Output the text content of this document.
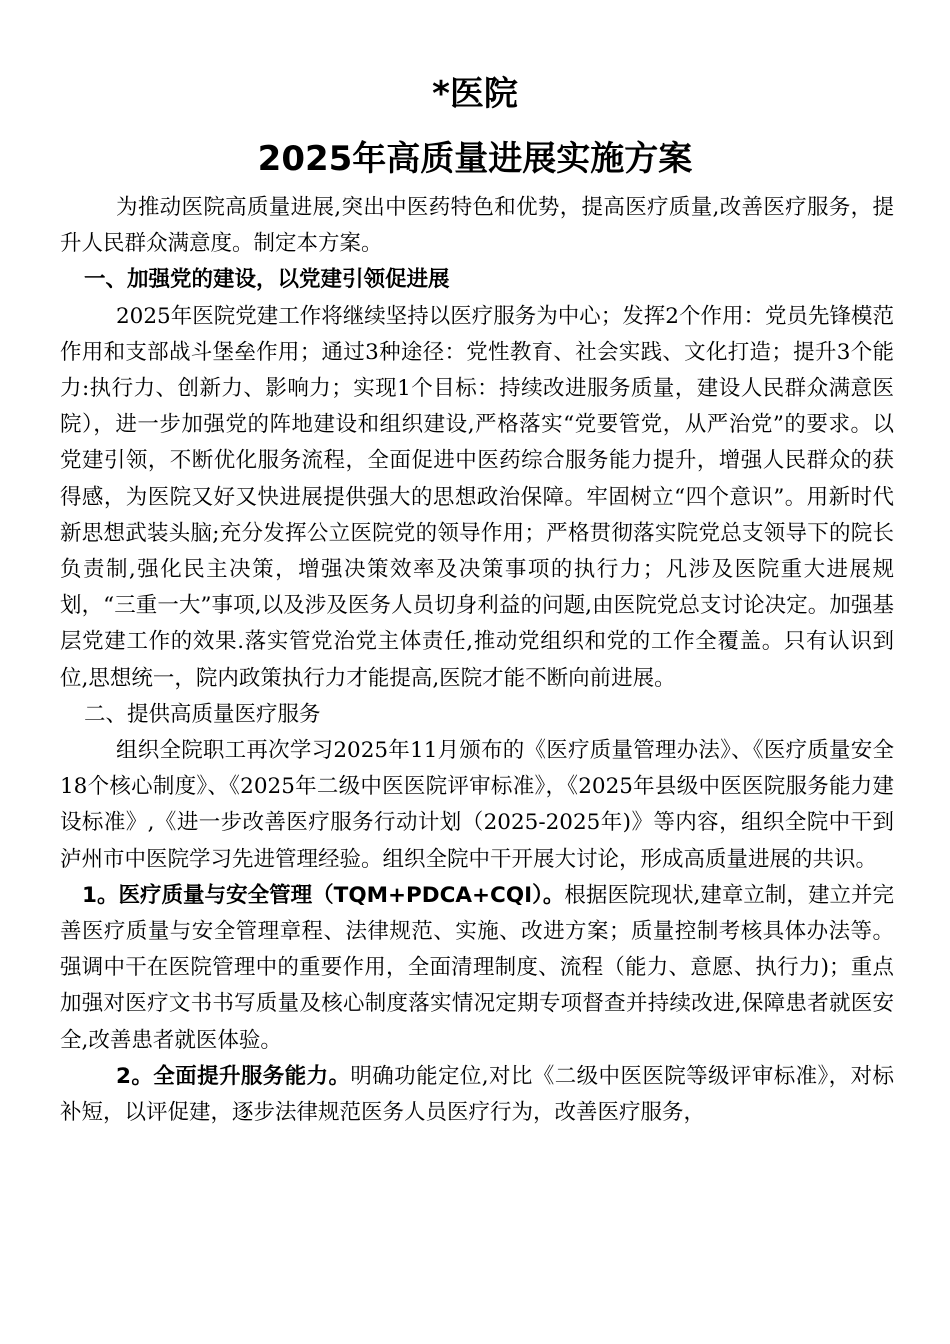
*医院
2025年高质量进展实施方案

为推动医院高质量进展,突出中医药特色和优势，提高医疗质量,改善医疗服务，提升人民群众满意度。制定本方案。

一、加强党的建设，以党建引领促进展

2025年医院党建工作将继续坚持以医疗服务为中心；发挥2个作用：党员先锋模范作用和支部战斗堡垒作用；通过3种途径：党性教育、社会实践、文化打造；提升3个能力:执行力、创新力、影响力；实现1个目标：持续改进服务质量，建设人民群众满意医院），进一步加强党的阵地建设和组织建设,严格落实“党要管党，从严治党”的要求。以党建引领，不断优化服务流程，全面促进中医药综合服务能力提升，增强人民群众的获得感，为医院又好又快进展提供强大的思想政治保障。牢固树立“四个意识”。用新时代新思想武装头脑;充分发挥公立医院党的领导作用；严格贯彻落实院党总支领导下的院长负责制,强化民主决策，增强决策效率及决策事项的执行力；凡涉及医院重大进展规划，“三重一大”事项,以及涉及医务人员切身利益的问题,由医院党总支讨论决定。加强基层党建工作的效果.落实管党治党主体责任,推动党组织和党的工作全覆盖。只有认识到位,思想统一，院内政策执行力才能提高,医院才能不断向前进展。

二、提供高质量医疗服务

组织全院职工再次学习2025年11月颁布的《医疗质量管理办法》、《医疗质量安全18个核心制度》、《2025年二级中医医院评审标准》，《2025年县级中医医院服务能力建设标准》,《进一步改善医疗服务行动计划（2025-2025年)》等内容，组织全院中干到泸州市中医院学习先进管理经验。组织全院中干开展大讨论，形成高质量进展的共识。

1。医疗质量与安全管理（TQM+PDCA+CQI）。根据医院现状,建章立制，建立并完善医疗质量与安全管理章程、法律规范、实施、改进方案；质量控制考核具体办法等。强调中干在医院管理中的重要作用，全面清理制度、流程（能力、意愿、执行力)；重点加强对医疗文书书写质量及核心制度落实情况定期专项督查并持续改进,保障患者就医安全,改善患者就医体验。

2。全面提升服务能力。明确功能定位,对比《二级中医医院等级评审标准》，对标补短，以评促建，逐步法律规范医务人员医疗行为，改善医疗服务，
